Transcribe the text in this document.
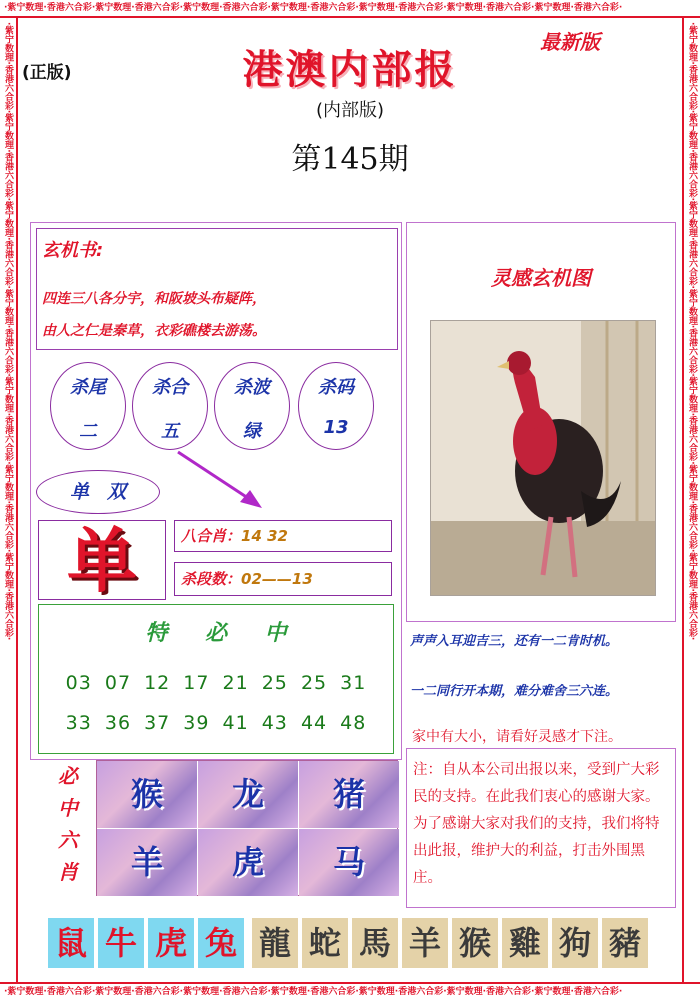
·紫宁数理·香港六合彩·紫宁数理·香港六合彩·紫宁数理·香港六合彩·紫宁数理·香港六合彩·紫宁数理·香港六合彩·紫宁数理·香港六合彩·紫宁数理·香港六合彩·
·紫宁数理·香港六合彩·紫宁数理·香港六合彩·紫宁数理·香港六合彩·紫宁数理·香港六合彩·紫宁数理·香港六合彩·紫宁数理·香港六合彩·紫宁数理·香港六合彩·
·紫宁数理·香港六合彩·紫宁数理·香港六合彩·紫宁数理·香港六合彩·紫宁数理·香港六合彩·紫宁数理·香港六合彩·紫宁数理·香港六合彩·紫宁数理·香港六合彩·	·紫宁数理·香港六合彩·紫宁数理·香港六合彩·紫宁数理·香港六合彩·紫宁数理·香港六合彩·紫宁数理·香港六合彩·紫宁数理·香港六合彩·紫宁数理·香港六合彩·
(正版)
最新版
港澳内部报
(内部版)
第145期
玄机书:
四连三八各分宇，和阪坡头布疑阵，
由人之仁是秦草，衣彩礁楼去游荡。
杀尾
二
杀合
五
杀波
绿
杀码
13
单双
单	八合肖：14 32
杀段数：02——13
特 必 中
03 07 12 17 21 25 25 31
33 36 37 39 41 43 44 48
必
中
六
肖
猴	龙	猪
羊	虎	马
灵感玄机图
声声入耳迎吉三，还有一二肯时机。
一二同行开本期，难分难舍三六连。
家中有大小，请看好灵感才下注。
注：自从本公司出报以来，受到广大彩民的支持。在此我们衷心的感谢大家。为了感谢大家对我们的支持，我们将特出此报，维护大的利益，打击外围黑庄。
鼠 牛 虎 兔 龍 蛇 馬 羊 猴 雞 狗 豬
